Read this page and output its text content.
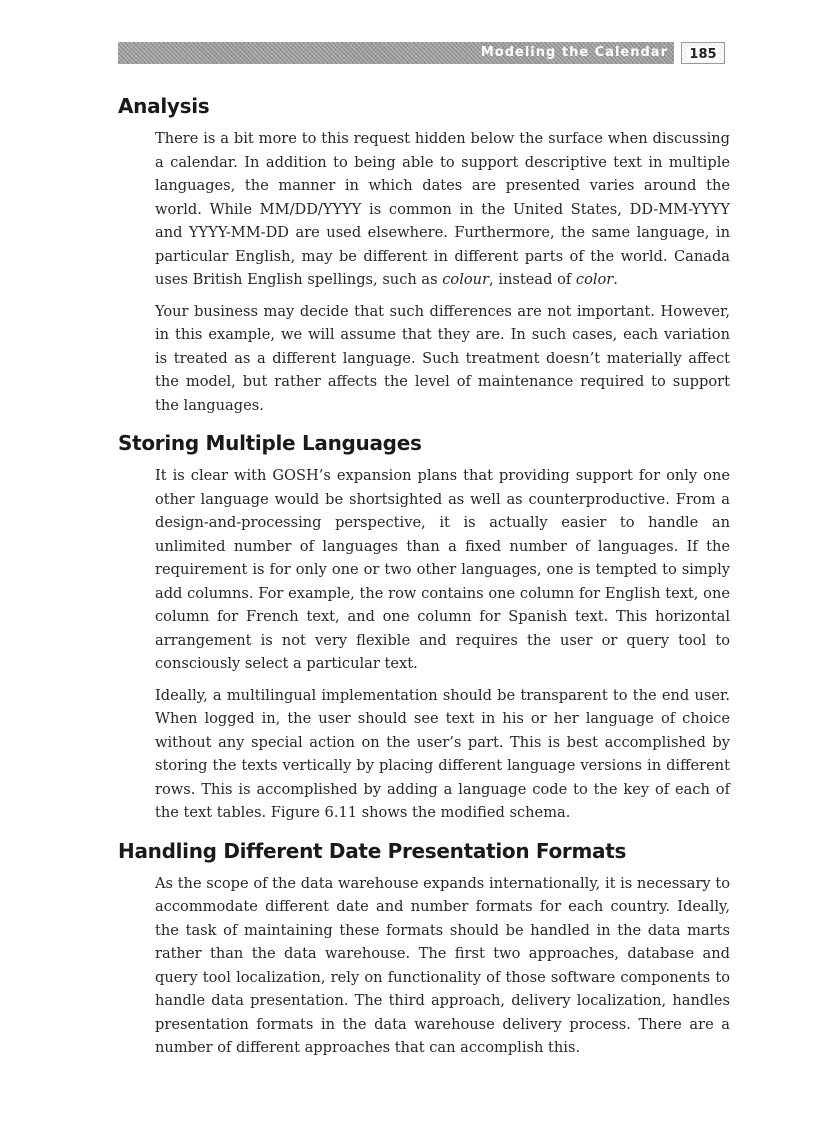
Modeling the Calendar	185
Analysis

There is a bit more to this request hidden below the surface when discussing a calendar. In addition to being able to support descriptive text in multiple languages, the manner in which dates are presented varies around the world. While MM/DD/YYYY is common in the United States, DD-MM-YYYY and YYYY-MM-DD are used elsewhere. Furthermore, the same language, in particular English, may be different in different parts of the world. Canada uses British English spellings, such as colour, instead of color.

Your business may decide that such differences are not important. However, in this example, we will assume that they are. In such cases, each variation is treated as a different language. Such treatment doesn’t materially affect the model, but rather affects the level of maintenance required to support the languages.

Storing Multiple Languages

It is clear with GOSH’s expansion plans that providing support for only one other language would be shortsighted as well as counterproductive. From a design-and-processing perspective, it is actually easier to handle an unlimited number of languages than a fixed number of languages. If the requirement is for only one or two other languages, one is tempted to simply add columns. For example, the row contains one column for English text, one column for French text, and one column for Spanish text. This horizontal arrangement is not very flexible and requires the user or query tool to consciously select a particular text.

Ideally, a multilingual implementation should be transparent to the end user. When logged in, the user should see text in his or her language of choice without any special action on the user’s part. This is best accomplished by storing the texts vertically by placing different language versions in different rows. This is accomplished by adding a language code to the key of each of the text tables. Figure 6.11 shows the modified schema.

Handling Different Date Presentation Formats

As the scope of the data warehouse expands internationally, it is necessary to accommodate different date and number formats for each country. Ideally, the task of maintaining these formats should be handled in the data marts rather than the data warehouse. The first two approaches, database and query tool localization, rely on functionality of those software components to handle data presentation. The third approach, delivery localization, handles presentation formats in the data warehouse delivery process. There are a number of different approaches that can accomplish this.
